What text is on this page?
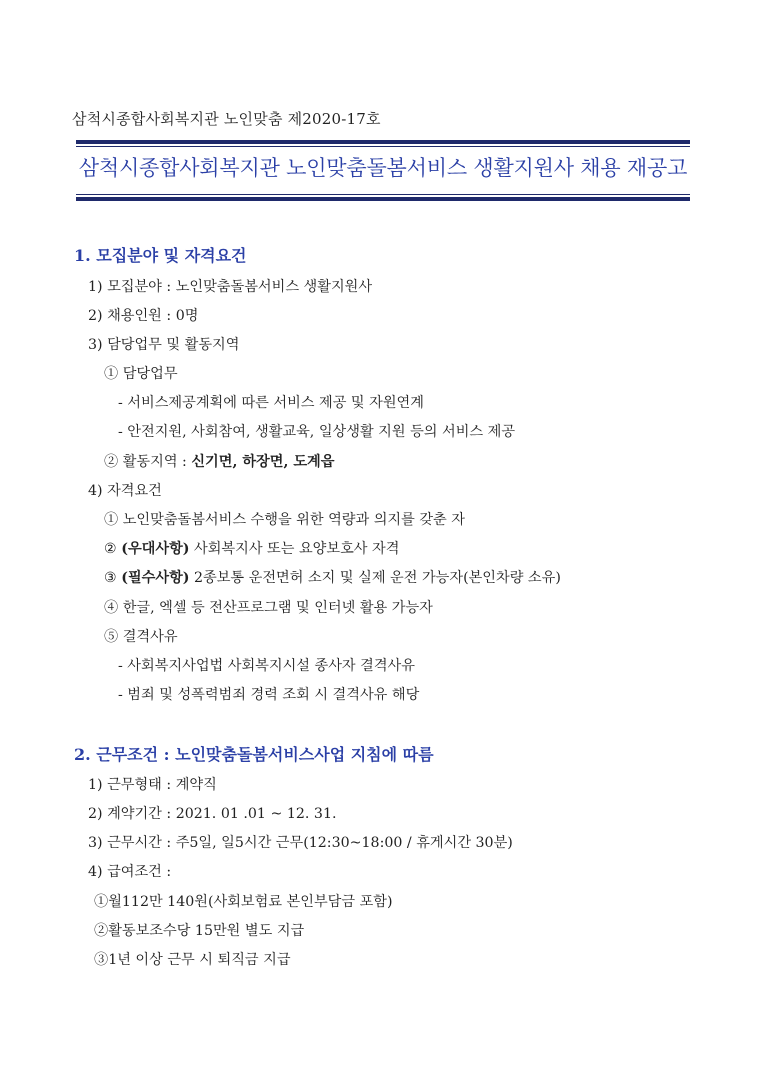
삼척시종합사회복지관 노인맞춤 제2020-17호
삼척시종합사회복지관 노인맞춤돌봄서비스 생활지원사 채용 재공고
1. 모집분야 및 자격요건
1) 모집분야 : 노인맞춤돌봄서비스 생활지원사
2) 채용인원 : 0명
3) 담당업무 및 활동지역
① 담당업무
- 서비스제공계획에 따른 서비스 제공 및 자원연계
- 안전지원, 사회참여, 생활교육, 일상생활 지원 등의 서비스 제공
② 활동지역 : 신기면, 하장면, 도계읍
4) 자격요건
① 노인맞춤돌봄서비스 수행을 위한 역량과 의지를 갖춘 자
② (우대사항) 사회복지사 또는 요양보호사 자격
③ (필수사항) 2종보통 운전면허 소지 및 실제 운전 가능자(본인차량 소유)
④ 한글, 엑셀 등 전산프로그램 및 인터넷 활용 가능자
⑤ 결격사유
- 사회복지사업법 사회복지시설 종사자 결격사유
- 범죄 및 성폭력범죄 경력 조회 시 결격사유 해당
2. 근무조건 : 노인맞춤돌봄서비스사업 지침에 따름
1) 근무형태 : 계약직
2) 계약기간 : 2021. 01 .01 ~ 12. 31.
3) 근무시간 : 주5일, 일5시간 근무(12:30~18:00 / 휴게시간 30분)
4) 급여조건 :
①월112만 140원(사회보험료 본인부담금 포함)
②활동보조수당 15만원 별도 지급
③1년 이상 근무 시 퇴직금 지급
